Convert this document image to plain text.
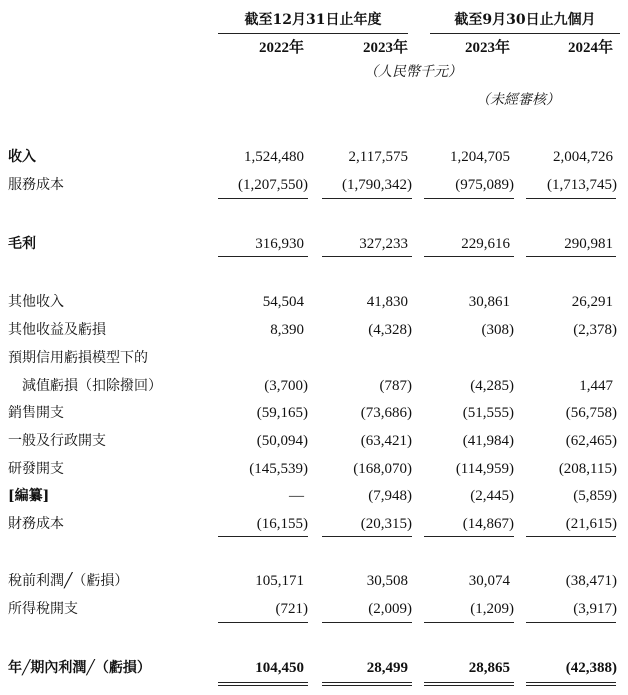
截至12月31日止年度	截至9月30日止九個月
2022年	2023年	2023年	2024年
（人民幣千元）
（未經審核）
收入	1,524,480	2,117,575	1,204,705	2,004,726
服務成本	(1,207,550)	(1,790,342)	(975,089)	(1,713,745)
毛利	316,930	327,233	229,616	290,981
其他收入	54,504	41,830	30,861	26,291
其他收益及虧損	8,390	(4,328)	(308)	(2,378)
預期信用虧損模型下的
減值虧損（扣除撥回）	(3,700)	(787)	(4,285)	1,447
銷售開支	(59,165)	(73,686)	(51,555)	(56,758)
一般及行政開支	(50,094)	(63,421)	(41,984)	(62,465)
研發開支	(145,539)	(168,070)	(114,959)	(208,115)
[編纂]	—	(7,948)	(2,445)	(5,859)
財務成本	(16,155)	(20,315)	(14,867)	(21,615)
稅前利潤╱（虧損）	105,171	30,508	30,074	(38,471)
所得稅開支	(721)	(2,009)	(1,209)	(3,917)
年╱期內利潤╱（虧損）	104,450	28,499	28,865	(42,388)
